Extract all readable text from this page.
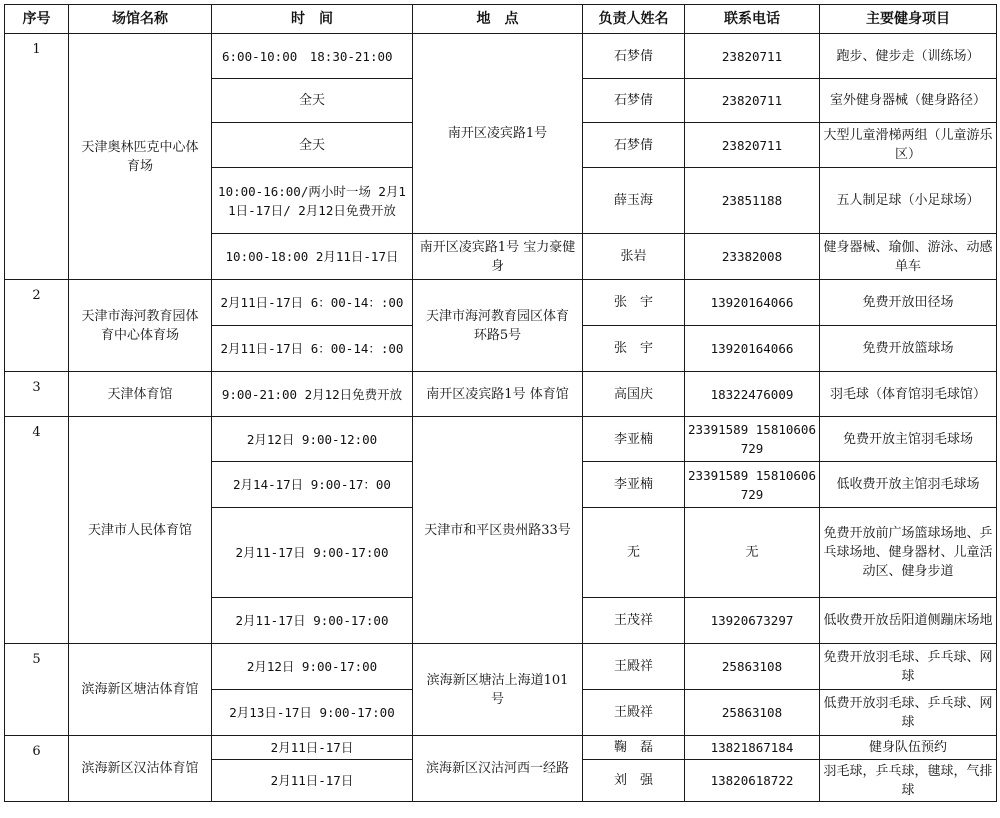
序号	场馆名称	时　间	地　点	负责人姓名	联系电话	主要健身项目
1	天津奥林匹克中心体育场	6:00-10:00　18:30-21:00	南开区凌宾路1号	石梦倩	23820711	跑步、健步走（训练场）
		全天		石梦倩	23820711	室外健身器械（健身路径）
		全天		石梦倩	23820711	大型儿童滑梯两组（儿童游乐区）
		10:00-16:00/两小时一场 2月11日-17日/ 2月12日免费开放		薛玉海	23851188	五人制足球（小足球场）
		10:00-18:00 2月11日-17日	南开区凌宾路1号 宝力豪健身	张岩	23382008	健身器械、瑜伽、游泳、动感单车
2	天津市海河教育园体育中心体育场	2月11日-17日 6：00-14：:00	天津市海河教育园区体育环路5号	张　宇	13920164066	免费开放田径场
		2月11日-17日 6：00-14：:00		张　宇	13920164066	免费开放篮球场
3	天津体育馆	9:00-21:00 2月12日免费开放	南开区凌宾路1号 体育馆	高国庆	18322476009	羽毛球（体育馆羽毛球馆）
4	天津市人民体育馆	2月12日 9:00-12:00	天津市和平区贵州路33号	李亚楠	23391589 15810606729	免费开放主馆羽毛球场
		2月14-17日 9:00-17：00		李亚楠	23391589 15810606729	低收费开放主馆羽毛球场
		2月11-17日 9:00-17:00		无	无	免费开放前广场篮球场地、乒乓球场地、健身器材、儿童活动区、健身步道
		2月11-17日 9:00-17:00		王茂祥	13920673297	低收费开放岳阳道侧蹦床场地
5	滨海新区塘沽体育馆	2月12日 9:00-17:00	滨海新区塘沽上海道101号	王殿祥	25863108	免费开放羽毛球、乒乓球、网球
		2月13日-17日 9:00-17:00		王殿祥	25863108	低费开放羽毛球、乒乓球、网球
6	滨海新区汉沽体育馆	2月11日-17日	滨海新区汉沽河西一经路	鞠　磊	13821867184	健身队伍预约
		2月11日-17日		刘　强	13820618722	羽毛球，乒乓球，毽球，气排球
